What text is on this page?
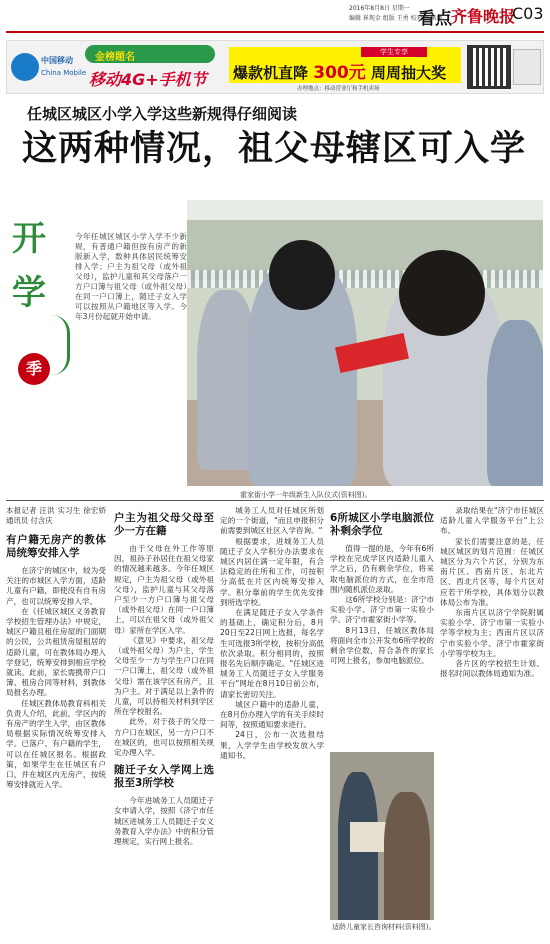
2016年8月8日 星期一
编辑 崔现金 组版 王勇 校对 杨洪群
看点 齐鲁晚报
C03
中国移动
China Mobile
金榜题名
移动4G+手机节
学生专享
爆款机直降 300元 周周抽大奖
办理地点：移动营业厅和手机卖场
任城区城区小学入学这些新规得仔细阅读
这两种情况，祖父母辖区可入学
开
学
季
今年任城区城区小学入学不少新规，有普通户籍但按有房产的新版新入学，数种具体居民统筹安排入学；户主为祖父母（或外祖父母），监护儿童和其父母落户一方户口簿与祖父母（或外祖父母）在同一户口簿上，随迁子女入学可以按照从户籍地区等入学。今年3月份起就开始申请。
霍家街小学一年级新生入队仪式(资料图)。
本报记者 汪洪 实习生 徐宏娇 通讯员 付含庆

有户籍无房产的教体局统筹安排入学

在济宁的城区中，较为受关注的市城区入学方面，适龄儿童有户籍，即使没有自有房产，也可以统筹安排入学。

在《任城区城区义务教育学校招生管理办法》中规定，城区户籍且租住房屋的门面期的公民，公共租赁房屋租居的适龄儿童，可在教体局办理入学登记，统筹安排到相应学校就读。此前，家长需携带户口簿、租房合同等材料，到教体局报名办理。

任城区教体局教育科相关负责人介绍，此前，学区内的有房产的学生入学，由区教体局根据实际情况统筹安排入学。已落户、有户籍的学生，可以在任城区报名。根据政策，如果学生在任城区有户口，并在城区内无房产，按统筹安排就近入学。

户主为祖父母父母至少一方在籍

由于父母在外工作等原因，祖孙子孙居住在祖父母家的情况越来越多。今年任城区规定，户主为祖父母（或外祖父母），监护儿童与其父母落户至少一方户口簿与祖父母（或外祖父母）在同一户口簿上，可以在祖父母（或外祖父母）家所在学区入学。

《意见》中要求，祖父母（或外祖父母）为户主，学生父母至少一方与学生户口在同一户口簿上，祖父母（或外祖父母）需在该学区有房产，且为户主。对于满足以上条件的儿童，可以持相关材料到学区所在学校报名。

此外，对于孩子的父母一方户口在城区，另一方户口不在城区的，也可以按照相关规定办理入学。

随迁子女入学网上选报至3所学校

今年进城务工人员随迁子女申请入学，按照《济宁市任城区进城务工人员随迁子女义务教育入学办法》中的积分管理规定，实行网上报名。

城务工人员对任城区所划定的一个街道，"而且申报积分前需要到城区社区入学咨询。"

根据要求，进城务工人员随迁子女入学积分办法要求在城区内居住满一定年限，有合法稳定的住所和工作，可按积分高低在片区内统筹安排入学。积分靠前的学生优先安排到所选学校。

在满足随迁子女入学条件的基础上，确定积分后，8月20日至22日网上选报，每名学生可选报3所学校，按积分高低依次录取。积分相同的，按照报名先后顺序确定。"任城区进城务工人员随迁子女入学服务平台"网址在8月10日前公布，请家长密切关注。

城区户籍中的适龄儿童，在8月份办理入学的有关手续时间等，按照通知要求进行。

24日，公布一次选报结果，入学学生由学校发放入学通知书。

6所城区小学电脑派位补剩余学位

值得一提的是，今年有6所学校在完成学区内适龄儿童入学之后，仍有剩余学位，将采取电脑派位的方式，在全市范围内随机派位录取。

这6所学校分别是：济宁市实验小学、济宁市第一实验小学、济宁市霍家街小学等。

8月13日，任城区教体局将面向全市公开发布6所学校的剩余学位数，符合条件的家长可网上报名，参加电脑派位。

适龄儿童家长咨询材料(资料图)。

录取结果在"济宁市任城区适龄儿童入学服务平台"上公布。

家长们需要注意的是，任城区城区的划片范围：任城区城区分为六个片区，分别为东南片区、西南片区、东北片区、西北片区等，每个片区对应若干所学校，具体划分以教体局公布为准。

东南片区以济宁学院附属实验小学、济宁市第一实验小学等学校为主；西南片区以济宁市实验小学、济宁市霍家街小学等学校为主。

各片区的学校招生计划、报名时间以教体局通知为准。
